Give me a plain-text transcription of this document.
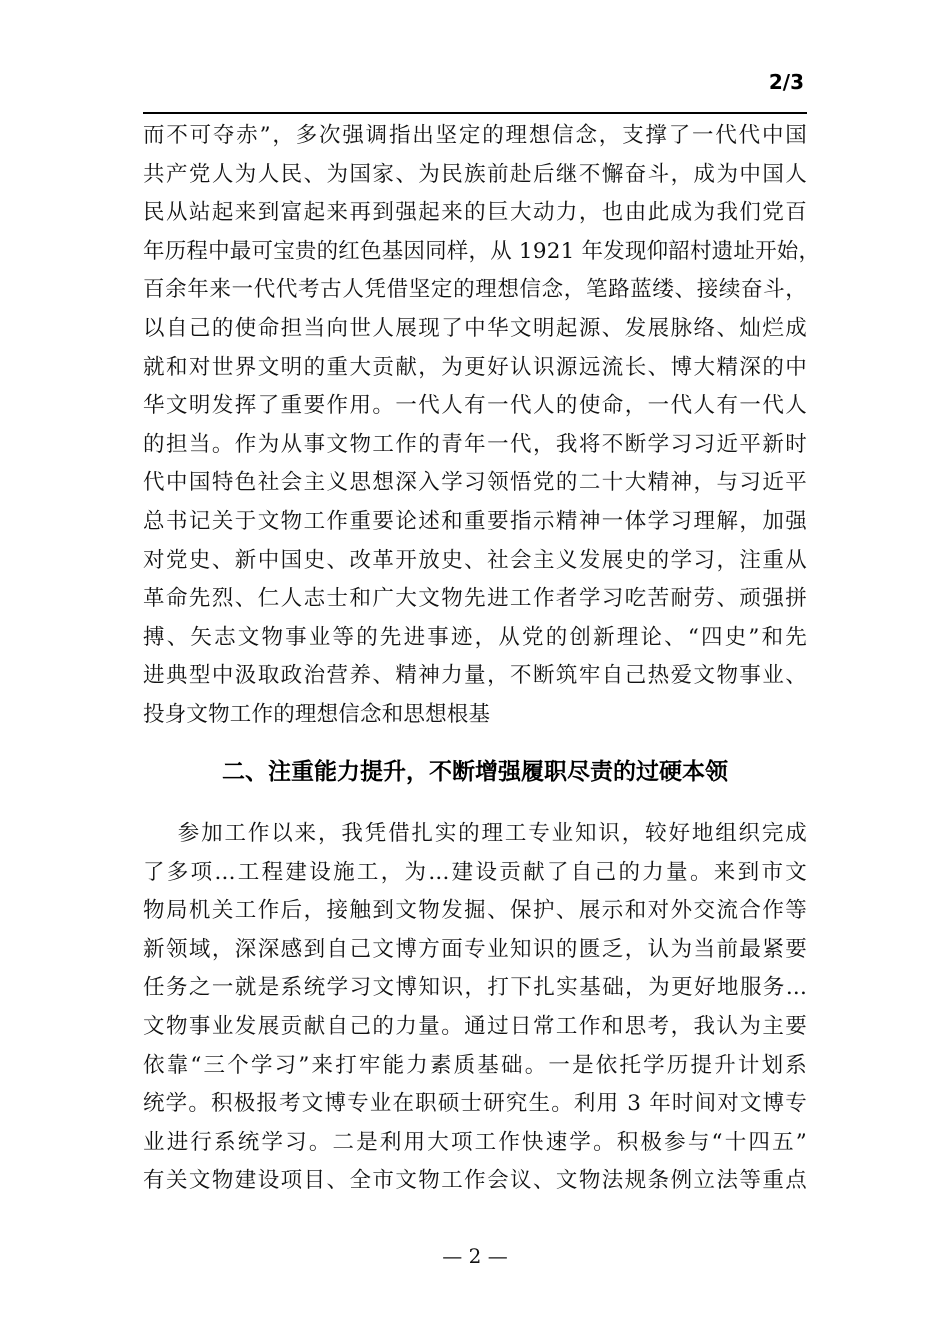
2/3
而不可夺赤”，多次强调指出坚定的理想信念，支撑了一代代中国
共产党人为人民、为国家、为民族前赴后继不懈奋斗，成为中国人
民从站起来到富起来再到强起来的巨大动力，也由此成为我们党百
年历程中最可宝贵的红色基因同样，从 1921 年发现仰韶村遗址开始，
百余年来一代代考古人凭借坚定的理想信念，笔路蓝缕、接续奋斗，
以自己的使命担当向世人展现了中华文明起源、发展脉络、灿烂成
就和对世界文明的重大贡献，为更好认识源远流长、博大精深的中
华文明发挥了重要作用。一代人有一代人的使命，一代人有一代人
的担当。作为从事文物工作的青年一代，我将不断学习习近平新时
代中国特色社会主义思想深入学习领悟党的二十大精神，与习近平
总书记关于文物工作重要论述和重要指示精神一体学习理解，加强
对党史、新中国史、改革开放史、社会主义发展史的学习，注重从
革命先烈、仁人志士和广大文物先进工作者学习吃苦耐劳、顽强拼
搏、矢志文物事业等的先进事迹，从党的创新理论、“四史”和先
进典型中汲取政治营养、精神力量，不断筑牢自己热爱文物事业、
投身文物工作的理想信念和思想根基
二、注重能力提升，不断增强履职尽责的过硬本领
参加工作以来，我凭借扎实的理工专业知识，较好地组织完成
了多项...工程建设施工，为...建设贡献了自己的力量。来到市文
物局机关工作后，接触到文物发掘、保护、展示和对外交流合作等
新领域，深深感到自己文博方面专业知识的匮乏，认为当前最紧要
任务之一就是系统学习文博知识，打下扎实基础，为更好地服务...
文物事业发展贡献自己的力量。通过日常工作和思考，我认为主要
依靠“三个学习”来打牢能力素质基础。一是依托学历提升计划系
统学。积极报考文博专业在职硕士研究生。利用 3 年时间对文博专
业进行系统学习。二是利用大项工作快速学。积极参与“十四五”
有关文物建设项目、全市文物工作会议、文物法规条例立法等重点
— 2 —
